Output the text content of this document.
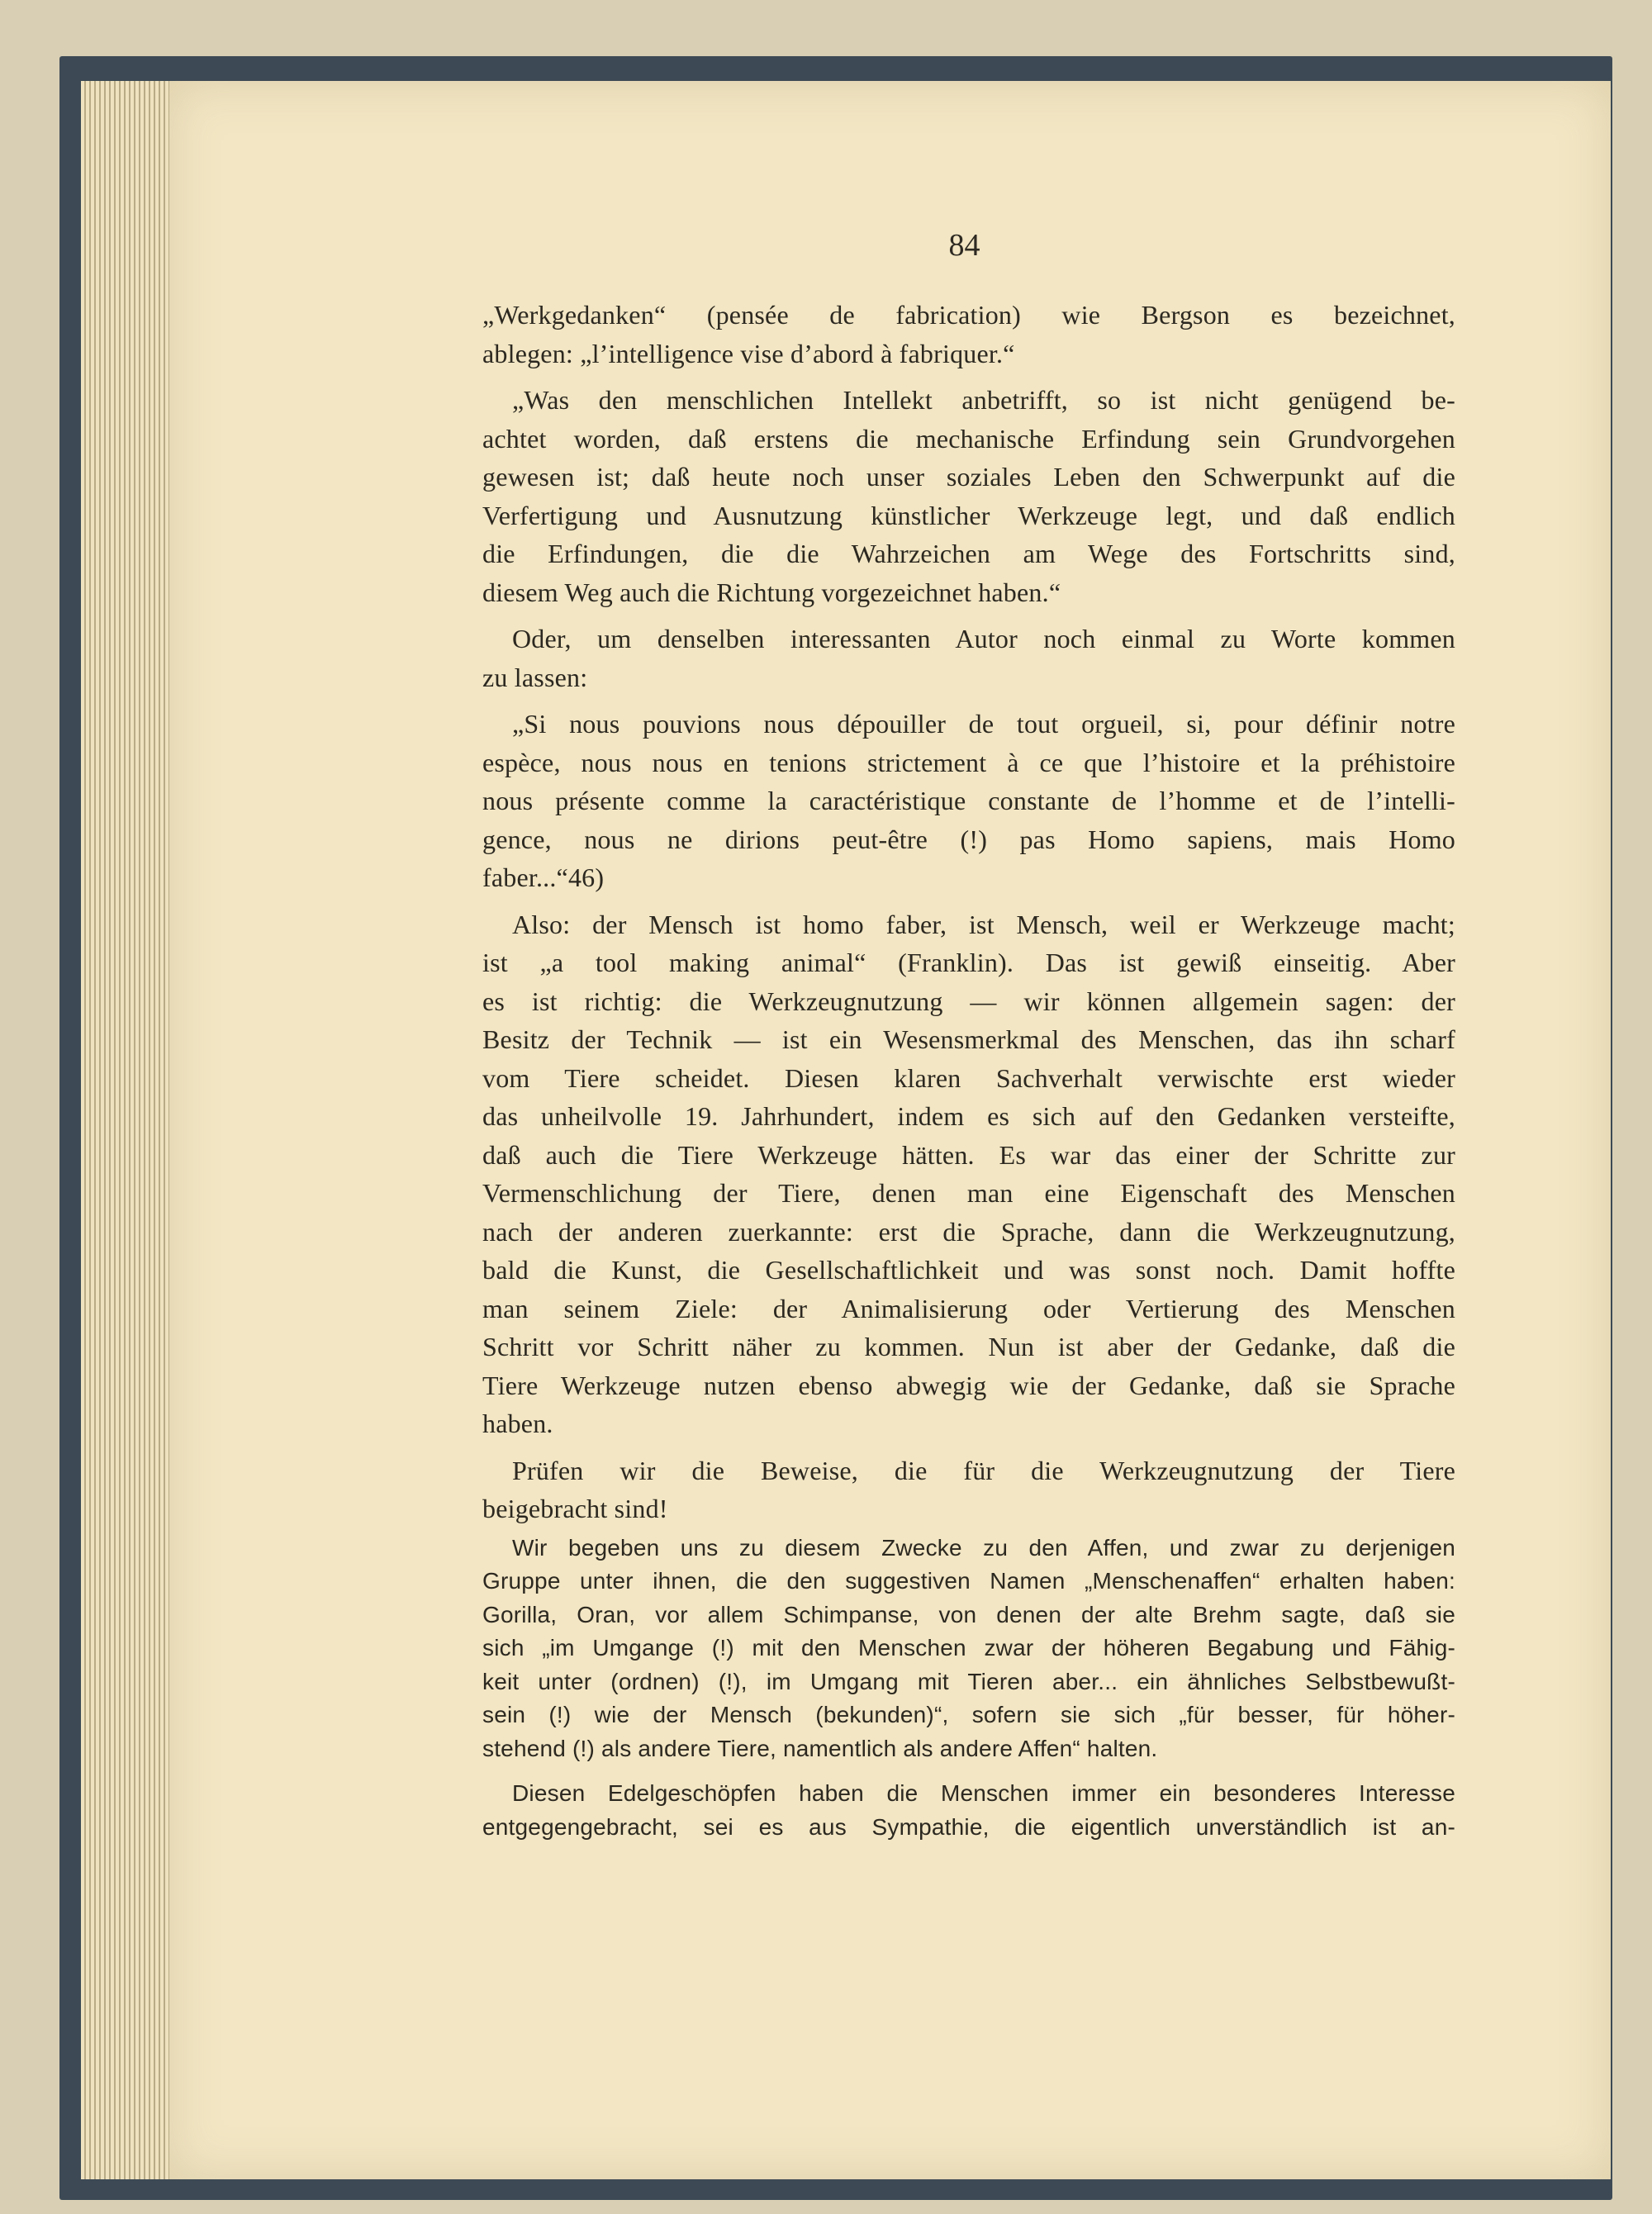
84

„Werkgedanken“ (pensée de fabrication) wie Bergson es bezeichnet,
ablegen: „l’intelligence vise d’abord à fabriquer.“

„Was den menschlichen Intellekt anbetrifft, so ist nicht genügend be-
achtet worden, daß erstens die mechanische Erfindung sein Grundvorgehen
gewesen ist; daß heute noch unser soziales Leben den Schwerpunkt auf die
Verfertigung und Ausnutzung künstlicher Werkzeuge legt, und daß endlich
die Erfindungen, die die Wahrzeichen am Wege des Fortschritts sind,
diesem Weg auch die Richtung vorgezeichnet haben.“

Oder, um denselben interessanten Autor noch einmal zu Worte kommen
zu lassen:

„Si nous pouvions nous dépouiller de tout orgueil, si, pour définir notre
espèce, nous nous en tenions strictement à ce que l’histoire et la préhistoire
nous présente comme la caractéristique constante de l’homme et de l’intelli-
gence, nous ne dirions peut-être (!) pas Homo sapiens, mais Homo
faber...“46)

Also: der Mensch ist homo faber, ist Mensch, weil er Werkzeuge macht;
ist „a tool making animal“ (Franklin). Das ist gewiß einseitig. Aber
es ist richtig: die Werkzeugnutzung — wir können allgemein sagen: der
Besitz der Technik — ist ein Wesensmerkmal des Menschen, das ihn scharf
vom Tiere scheidet. Diesen klaren Sachverhalt verwischte erst wieder
das unheilvolle 19. Jahrhundert, indem es sich auf den Gedanken versteifte,
daß auch die Tiere Werkzeuge hätten. Es war das einer der Schritte zur
Vermenschlichung der Tiere, denen man eine Eigenschaft des Menschen
nach der anderen zuerkannte: erst die Sprache, dann die Werkzeugnutzung,
bald die Kunst, die Gesellschaftlichkeit und was sonst noch. Damit hoffte
man seinem Ziele: der Animalisierung oder Vertierung des Menschen
Schritt vor Schritt näher zu kommen. Nun ist aber der Gedanke, daß die
Tiere Werkzeuge nutzen ebenso abwegig wie der Gedanke, daß sie Sprache
haben.

Prüfen wir die Beweise, die für die Werkzeugnutzung der Tiere
beigebracht sind!

Wir begeben uns zu diesem Zwecke zu den Affen, und zwar zu derjenigen
Gruppe unter ihnen, die den suggestiven Namen „Menschenaffen“ erhalten haben:
Gorilla, Oran, vor allem Schimpanse, von denen der alte Brehm sagte, daß sie
sich „im Umgange (!) mit den Menschen zwar der höheren Begabung und Fähig-
keit unter (ordnen) (!), im Umgang mit Tieren aber... ein ähnliches Selbstbewußt-
sein (!) wie der Mensch (bekunden)“, sofern sie sich „für besser, für höher-
stehend (!) als andere Tiere, namentlich als andere Affen“ halten.

Diesen Edelgeschöpfen haben die Menschen immer ein besonderes Interesse
entgegengebracht, sei es aus Sympathie, die eigentlich unverständlich ist an-
